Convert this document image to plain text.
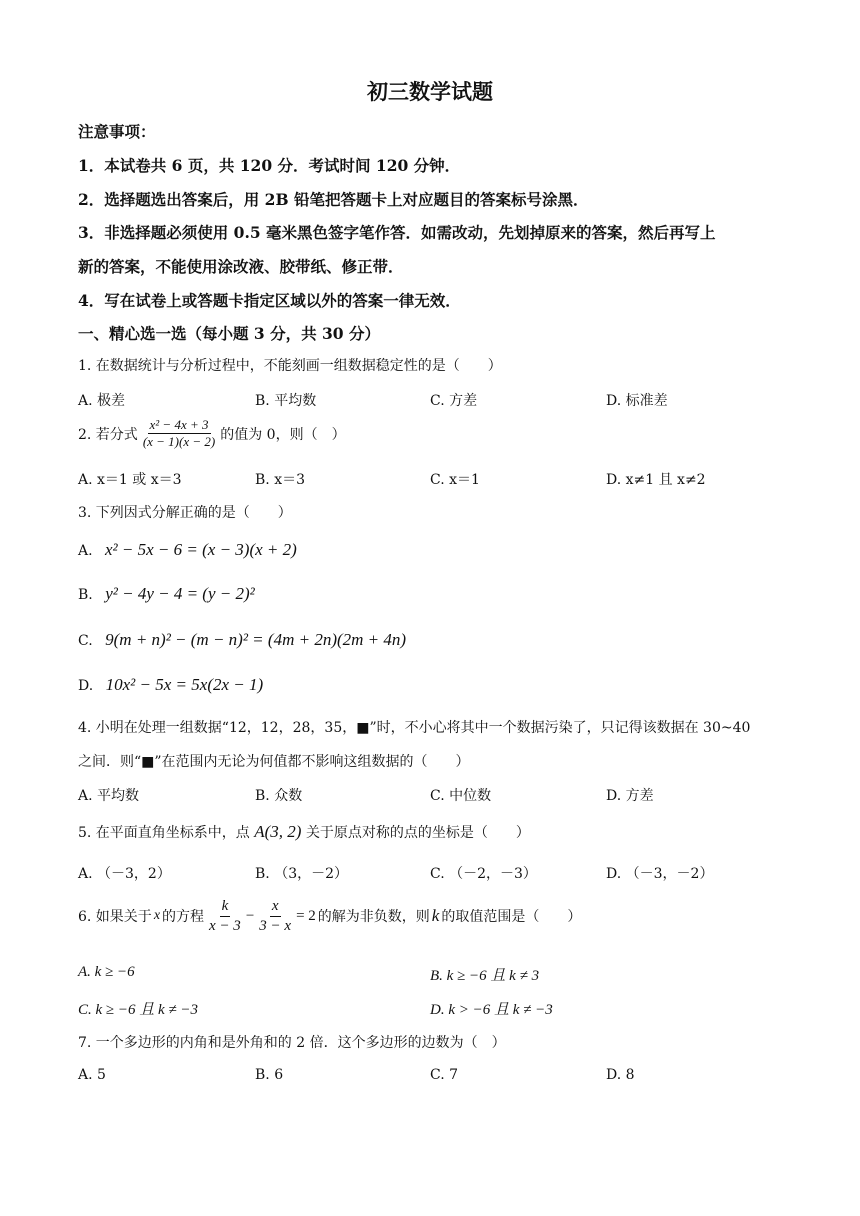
初三数学试题
注意事项：
1．本试卷共 6 页，共 120 分．考试时间 120 分钟．
2．选择题选出答案后，用 2B 铅笔把答题卡上对应题目的答案标号涂黑．
3．非选择题必须使用 0.5 毫米黑色签字笔作答．如需改动，先划掉原来的答案，然后再写上
新的答案，不能使用涂改液、胶带纸、修正带．
4．写在试卷上或答题卡指定区域以外的答案一律无效．
一、精心选一选（每小题 3 分，共 30 分）
1. 在数据统计与分析过程中，不能刻画一组数据稳定性的是（　　）
A. 极差	B. 平均数	C. 方差	D. 标准差
2. 若分式 $\frac{\text{x² − 4x + 3}}{(x - 1)(x - 2)}$ 的值为 0，则（　）
A. x＝1 或 x＝3	B. x＝3	C. x＝1	D. x≠1 且 x≠2
3. 下列因式分解正确的是（　　）
A. x² − 5x − 6 = (x − 3)(x + 2)
B. y² − 4y − 4 = (y − 2)²
C. 9(m + n)² − (m − n)² = (4m + 2n)(2m + 4n)
D. 10x² − 5x = 5x(2x − 1)
4. 小明在处理一组数据“12，12，28，35，■”时，不小心将其中一个数据污染了，只记得该数据在 30~40
之间．则“■”在范围内无论为何值都不影响这组数据的（　　）
A. 平均数	B. 众数	C. 中位数	D. 方差
5. 在平面直角坐标系中，点 A(3, 2) 关于原点对称的点的坐标是（　　）
A. （－3，2）	B. （3，－2）	C. （－2，－3）	D. （－3，－2）
6. 如果关于 x 的方程 $\frac{k}{x - 3} - \frac{x}{3 - x} = 2$ 的解为非负数，则 k 的取值范围是（　　）
A. k ≥ −6	B. k ≥ −6 且 k ≠ 3
C. k ≥ −6 且 k ≠ −3	D. k > −6 且 k ≠ −3
7. 一个多边形的内角和是外角和的 2 倍．这个多边形的边数为（　）
A. 5	B. 6	C. 7	D. 8
